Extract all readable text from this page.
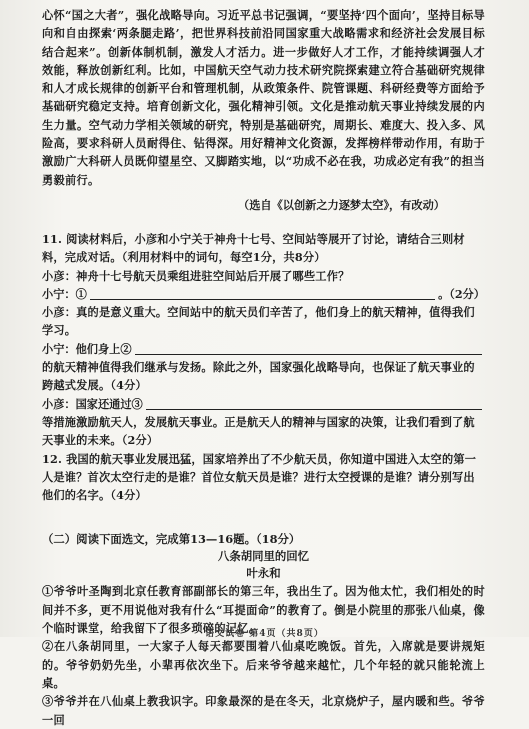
心怀“国之大者”，强化战略导向。习近平总书记强调，“要坚持‘四个面向’，坚持目标导向和自由探索‘两条腿走路’，把世界科技前沿同国家重大战略需求和经济社会发展目标结合起来”。创新体制机制，激发人才活力。进一步做好人才工作，才能持续调强人才效能，释放创新红利。比如，中国航天空气动力技术研究院探索建立符合基础研究规律和人才成长规律的创新平台和管理机制，从政策条件、院管课题、科研经费等方面给予基础研究稳定支持。培育创新文化，强化精神引领。文化是推动航天事业持续发展的内生力量。空气动力学相关领域的研究，特别是基础研究，周期长、难度大、投入多、风险高，要求科研人员耐得住、钻得深。用好精神文化资源，发挥榜样带动作用，有助于激励广大科研人员既仰望星空、又脚踏实地，以“功成不必在我，功成必定有我”的担当勇毅前行。

（选自《以创新之力逐梦太空》，有改动）

11. 阅读材料后，小彦和小宁关于神舟十七号、空间站等展开了讨论，请结合三则材料，完成对话。（利用材料中的词句，每空1分，共8分）

小彦：神舟十七号航天员乘组进驻空间站后开展了哪些工作？

小宁：①	。（2分）

小彦：真的是意义重大。空间站中的航天员们辛苦了，他们身上的航天精神，值得我们学习。

小宁：他们身上②

的航天精神值得我们继承与发扬。除此之外，国家强化战略导向，也保证了航天事业的跨越式发展。（4分）

小彦：国家还通过③

等措施激励航天人，发展航天事业。正是航天人的精神与国家的决策，让我们看到了航天事业的未来。（2分）

12. 我国的航天事业发展迅猛，国家培养出了不少航天员，你知道中国进入太空的第一人是谁？首次太空行走的是谁？首位女航天员是谁？进行太空授课的是谁？请分别写出他们的名字。（4分）

（二）阅读下面选文，完成第13—16题。（18分）

八条胡同里的回忆

叶永和

①爷爷叶圣陶到北京任教育部副部长的第三年，我出生了。因为他太忙，我们相处的时间并不多，更不用说他对我有什么“耳提面命”的教育了。倒是小院里的那张八仙桌，像个临时课堂，给我留下了很多琐碎的记忆。

②在八条胡同里，一大家子人每天都要围着八仙桌吃晚饭。首先，入席就是要讲规矩的。爷爷奶奶先坐，小辈再依次坐下。后来爷爷越来越忙，几个年轻的就只能轮流上桌。

③爷爷并在八仙桌上教我识字。印象最深的是在冬天，北京烧炉子，屋内暖和些。爷爷一回

语文试卷 第4页（共8页）
